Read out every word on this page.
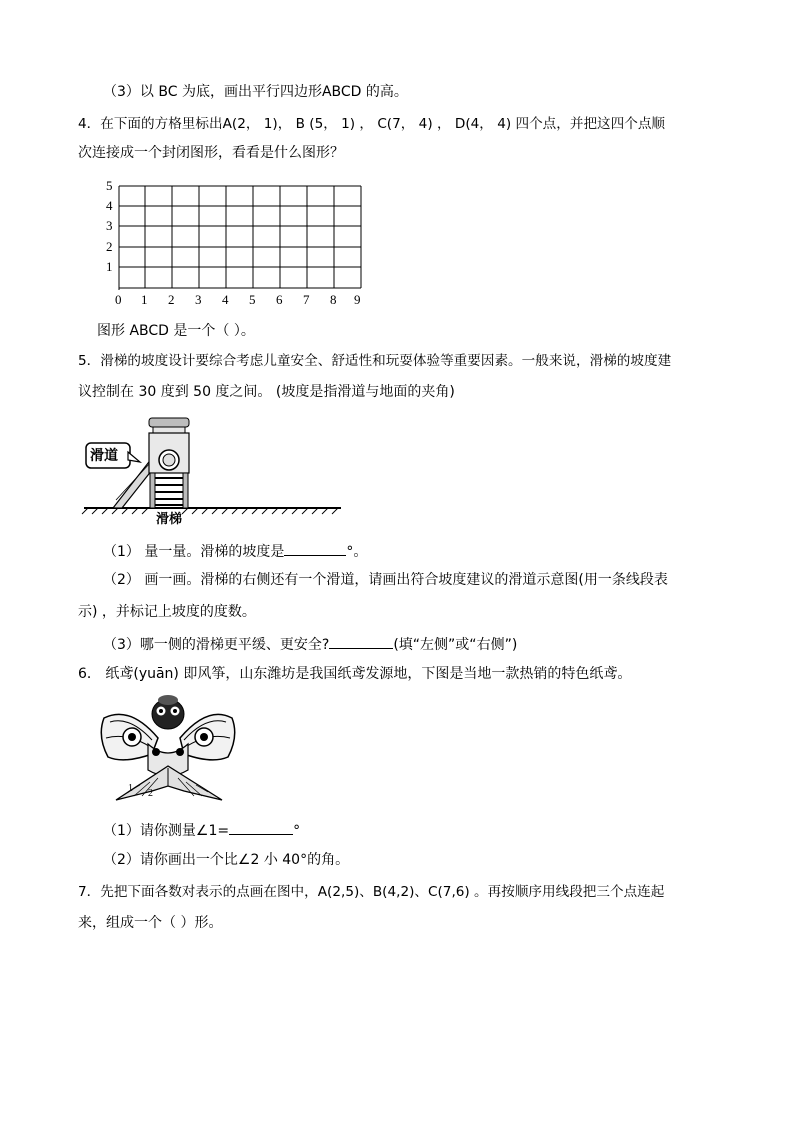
（3）以 BC 为底，画出平行四边形ABCD 的高。
4．在下面的方格里标出A(2， 1)， B (5， 1) ， C(7， 4) ， D(4， 4) 四个点，并把这四个点顺
次连接成一个封闭图形，看看是什么图形？
5
4
3
2
1
0 1 2 3 4 5 6 7 8 9
图形 ABCD 是一个（ ）。
5．滑梯的坡度设计要综合考虑儿童安全、舒适性和玩耍体验等重要因素。一般来说，滑梯的坡度建
议控制在 30 度到 50 度之间。 (坡度是指滑道与地面的夹角)
滑道
滑梯
（1） 量一量。滑梯的坡度是	°。
（2） 画一画。滑梯的右侧还有一个滑道，请画出符合坡度建议的滑道示意图(用一条线段表
示) ，并标记上坡度的度数。
（3）哪一侧的滑梯更平缓、更安全?	(填“左侧”或“右侧”)
6． 纸鸢(yuān) 即风筝，山东潍坊是我国纸鸢发源地，下图是当地一款热销的特色纸鸢。
1 2
（1）请你测量∠1=	°
（2）请你画出一个比∠2 小 40°的角。
7．先把下面各数对表示的点画在图中，A(2,5)、B(4,2)、C(7,6) 。再按顺序用线段把三个点连起
来，组成一个（ ）形。
